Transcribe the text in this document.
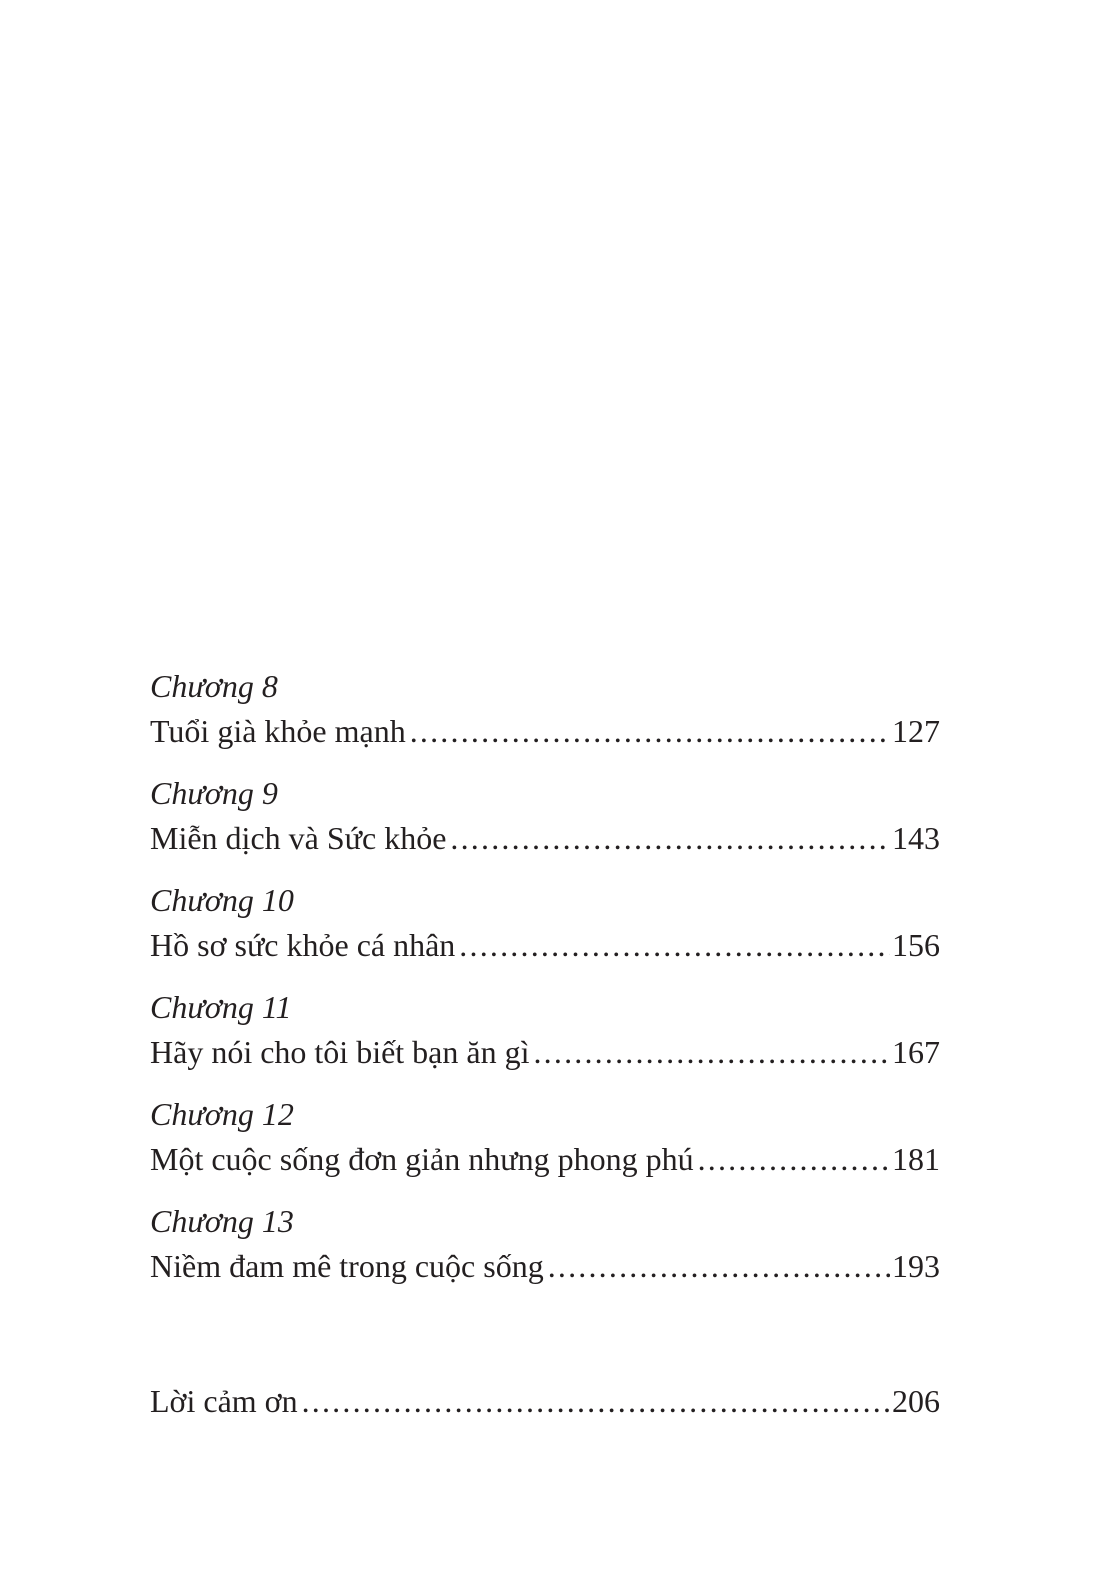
Chương 8
Tuổi già khỏe mạnh .....	127
Chương 9
Miễn dịch và Sức khỏe .....	143
Chương 10
Hồ sơ sức khỏe cá nhân .....	156
Chương 11
Hãy nói cho tôi biết bạn ăn gì .....	167
Chương 12
Một cuộc sống đơn giản nhưng phong phú .....	181
Chương 13
Niềm đam mê trong cuộc sống .....	193
Lời cảm ơn .....	206
